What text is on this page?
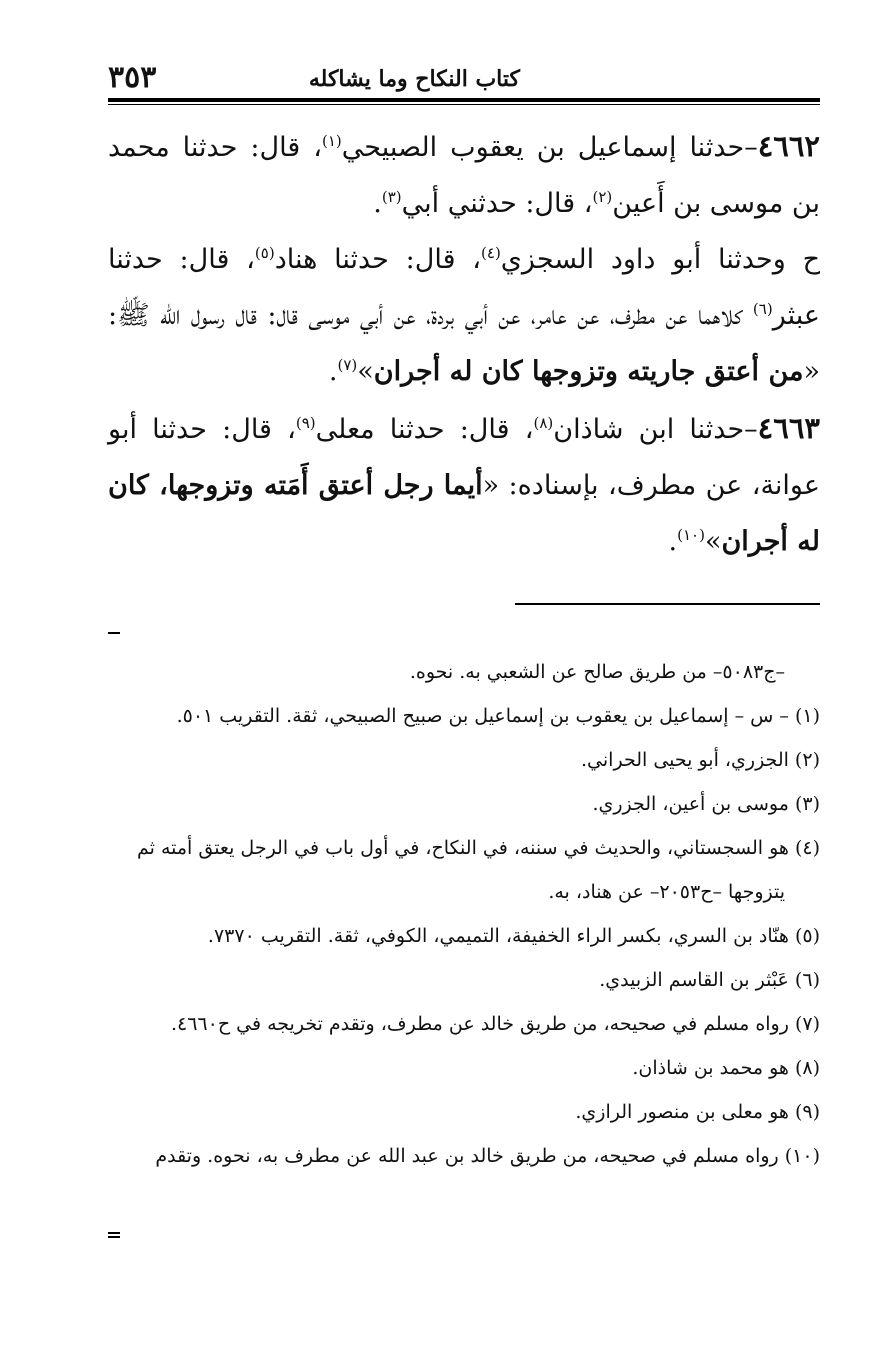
كتاب النكاح وما يشاكله
٣٥٣

٤٦٦٢–حدثنا إسماعيل بن يعقوب الصبيحي$^{(١)}$، قال: حدثنا محمد بن موسى بن أَعين$^{(٢)}$، قال: حدثني أبي$^{(٣)}$.

ح وحدثنا أبو داود السجزي$^{(٤)}$، قال: حدثنا هناد$^{(٥)}$، قال: حدثنا عبثر$^{(٦)}$ كلاهما عن مطرف، عن عامر، عن أبي بردة، عن أبي موسى قال: قال رسول الله ﷺ: «من أعتق جاريته وتزوجها كان له أجران»$^{(٧)}$.

٤٦٦٣–حدثنا ابن شاذان$^{(٨)}$، قال: حدثنا معلى$^{(٩)}$، قال: حدثنا أبو عوانة، عن مطرف، بإسناده: «أيما رجل أعتق أَمَته وتزوجها، كان له أجران»$^{(١٠)}$.

–ج٥٠٨٣– من طريق صالح عن الشعبي به. نحوه.

(١) – س – إسماعيل بن يعقوب بن إسماعيل بن صبيح الصبيحي، ثقة. التقريب ٥٠١.

(٢) الجزري، أبو يحيى الحراني.

(٣) موسى بن أعين، الجزري.

(٤) هو السجستاني، والحديث في سننه، في النكاح، في أول باب في الرجل يعتق أمته ثم

يتزوجها –ح٢٠٥٣– عن هناد، به.

(٥) هنّاد بن السري، بكسر الراء الخفيفة، التميمي، الكوفي، ثقة. التقريب ٧٣٧٠.

(٦) عَبْثر بن القاسم الزبيدي.

(٧) رواه مسلم في صحيحه، من طريق خالد عن مطرف، وتقدم تخريجه في ح٤٦٦٠.

(٨) هو محمد بن شاذان.

(٩) هو معلى بن منصور الرازي.

(١٠) رواه مسلم في صحيحه، من طريق خالد بن عبد الله عن مطرف به، نحوه. وتقدم
